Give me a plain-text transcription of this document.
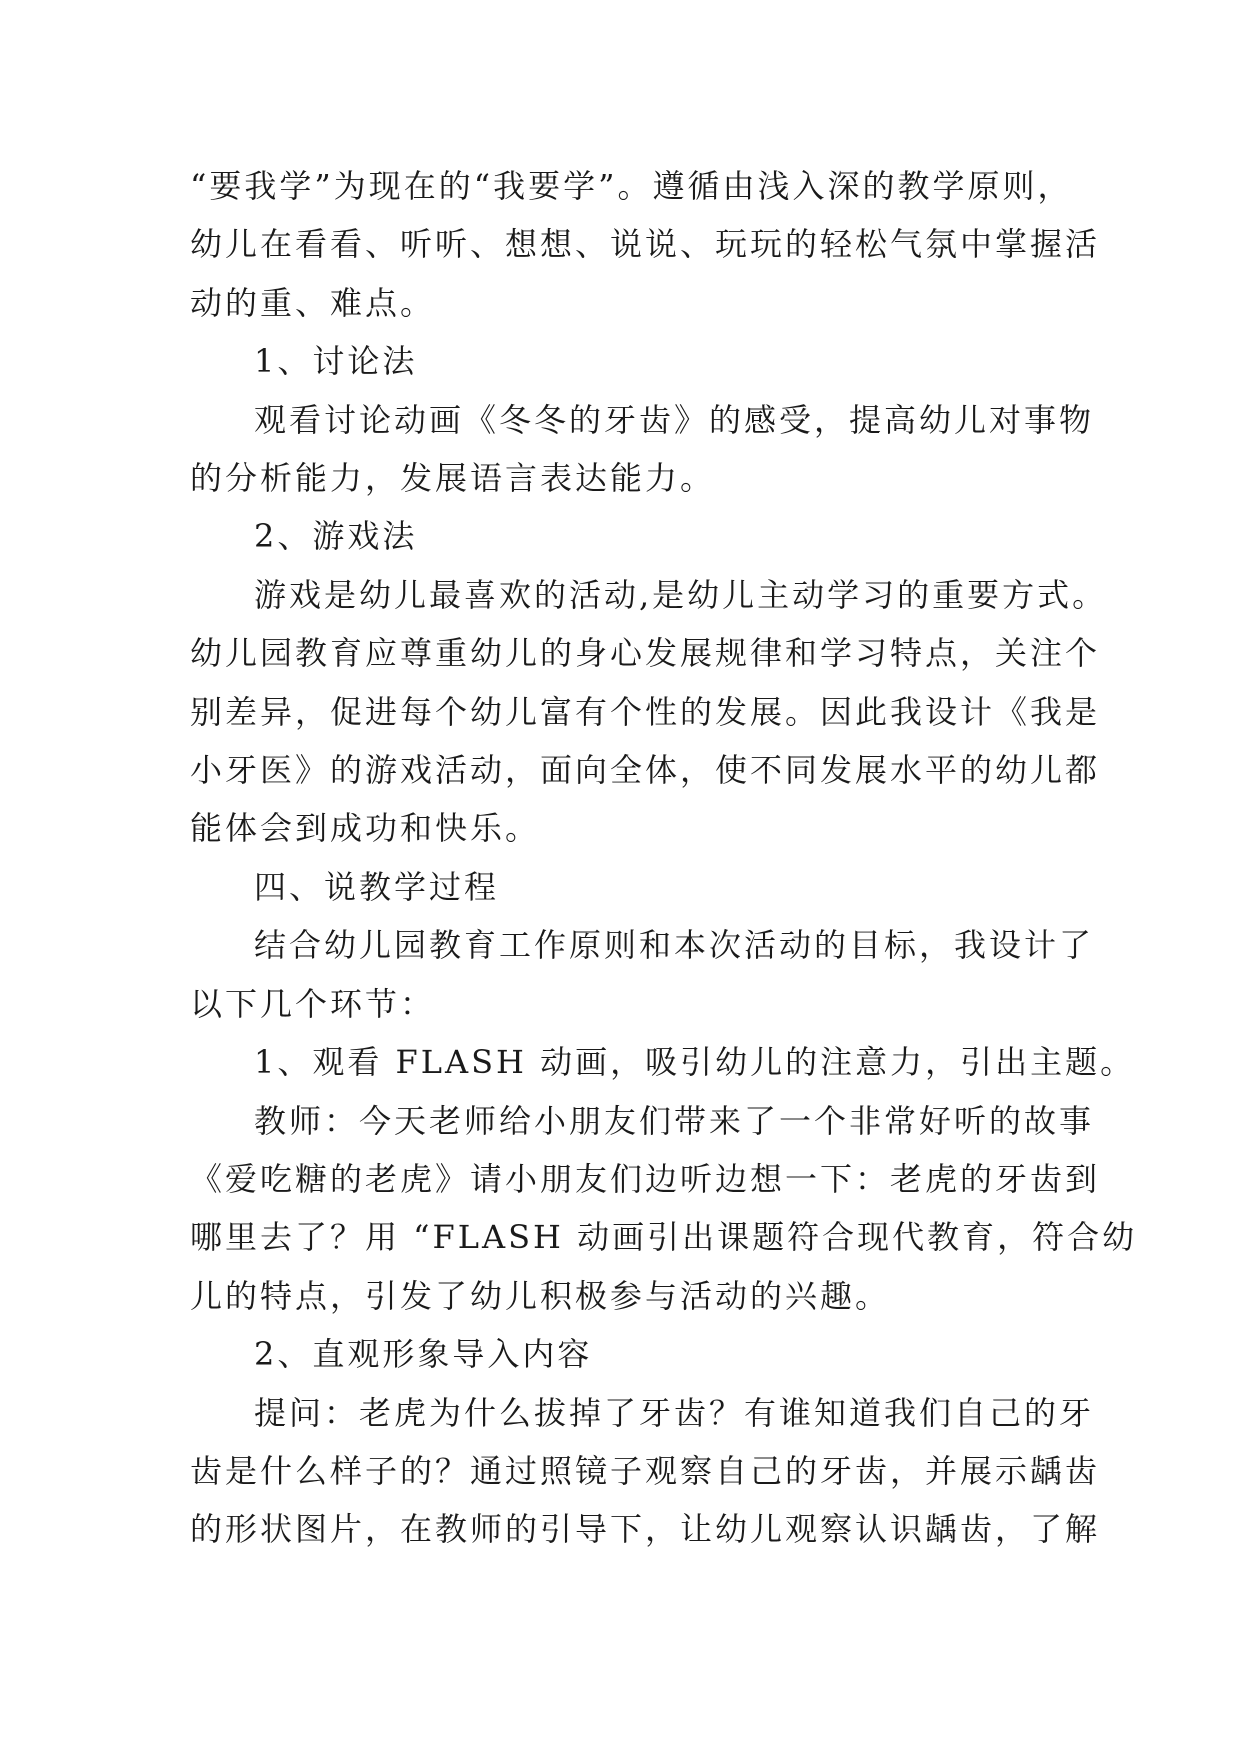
“要我学”为现在的“我要学”。遵循由浅入深的教学原则，

幼儿在看看、听听、想想、说说、玩玩的轻松气氛中掌握活

动的重、难点。

1、讨论法

观看讨论动画《冬冬的牙齿》的感受，提高幼儿对事物

的分析能力，发展语言表达能力。

2、游戏法

游戏是幼儿最喜欢的活动,是幼儿主动学习的重要方式。

幼儿园教育应尊重幼儿的身心发展规律和学习特点，关注个

别差异，促进每个幼儿富有个性的发展。因此我设计《我是

小牙医》的游戏活动，面向全体，使不同发展水平的幼儿都

能体会到成功和快乐。

四、说教学过程

结合幼儿园教育工作原则和本次活动的目标，我设计了

以下几个环节：

1、观看 FLASH 动画，吸引幼儿的注意力，引出主题。

教师：今天老师给小朋友们带来了一个非常好听的故事

《爱吃糖的老虎》请小朋友们边听边想一下：老虎的牙齿到

哪里去了？用 “FLASH 动画引出课题符合现代教育，符合幼

儿的特点，引发了幼儿积极参与活动的兴趣。

2、直观形象导入内容

提问：老虎为什么拔掉了牙齿？有谁知道我们自己的牙

齿是什么样子的？通过照镜子观察自己的牙齿，并展示龋齿

的形状图片，在教师的引导下，让幼儿观察认识龋齿，了解
